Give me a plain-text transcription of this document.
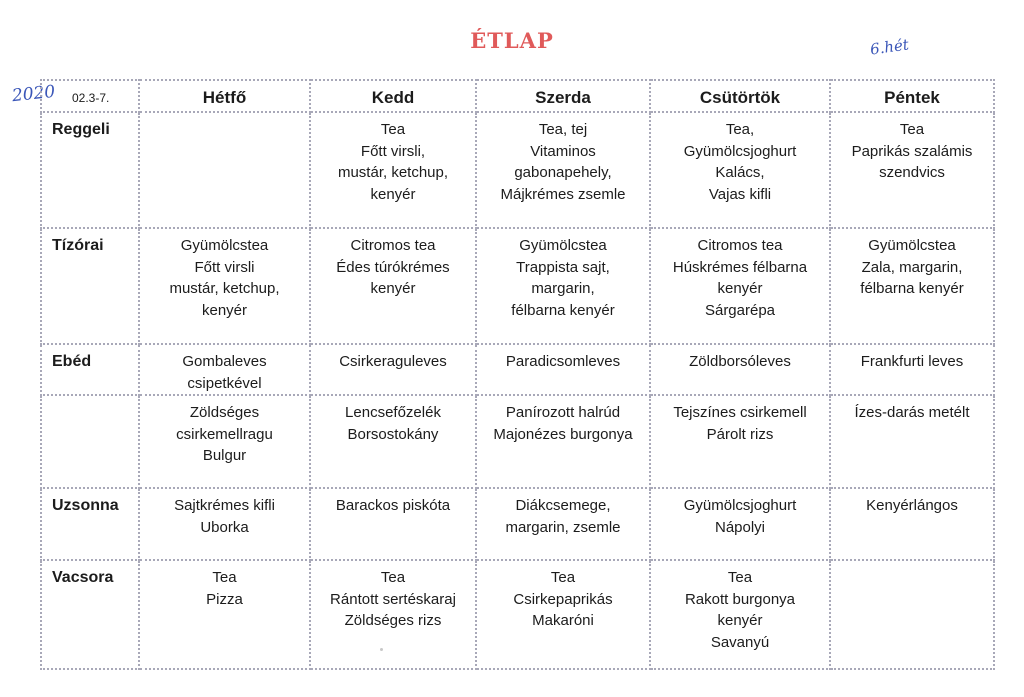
ÉTLAP	6.hét
2020 02.3-7.	Hétfő	Kedd	Szerda	Csütörtök	Péntek
Reggeli		Tea
Főtt virsli,
mustár, ketchup,
kenyér	Tea, tej
Vitaminos
gabonapehely,
Májkrémes zsemle	Tea,
Gyümölcsjoghurt
Kalács,
Vajas kifli	Tea
Paprikás szalámis
szendvics

Tízórai	Gyümölcstea
Főtt virsli
mustár, ketchup,
kenyér	Citromos tea
Édes túrókrémes
kenyér	Gyümölcstea
Trappista sajt,
margarin,
félbarna kenyér	Citromos tea
Húskrémes félbarna
kenyér
Sárgarépa	Gyümölcstea
Zala, margarin,
félbarna kenyér

Ebéd	Gombaleves
csipetkével	Csirkeraguleves	Paradicsomleves	Zöldborsóleves	Frankfurti leves

	Zöldséges
csirkemellragu
Bulgur	Lencsefőzelék
Borsostokány	Panírozott halrúd
Majonézes burgonya	Tejszínes csirkemell
Párolt rizs	Ízes-darás metélt

Uzsonna	Sajtkrémes kifli
Uborka	Barackos piskóta	Diákcsemege,
margarin, zsemle	Gyümölcsjoghurt
Nápolyi	Kenyérlángos

Vacsora	Tea
Pizza	Tea
Rántott sertéskaraj
Zöldséges rizs	Tea
Csirkepaprikás
Makaróni	Tea
Rakott burgonya
kenyér
Savanyú	
